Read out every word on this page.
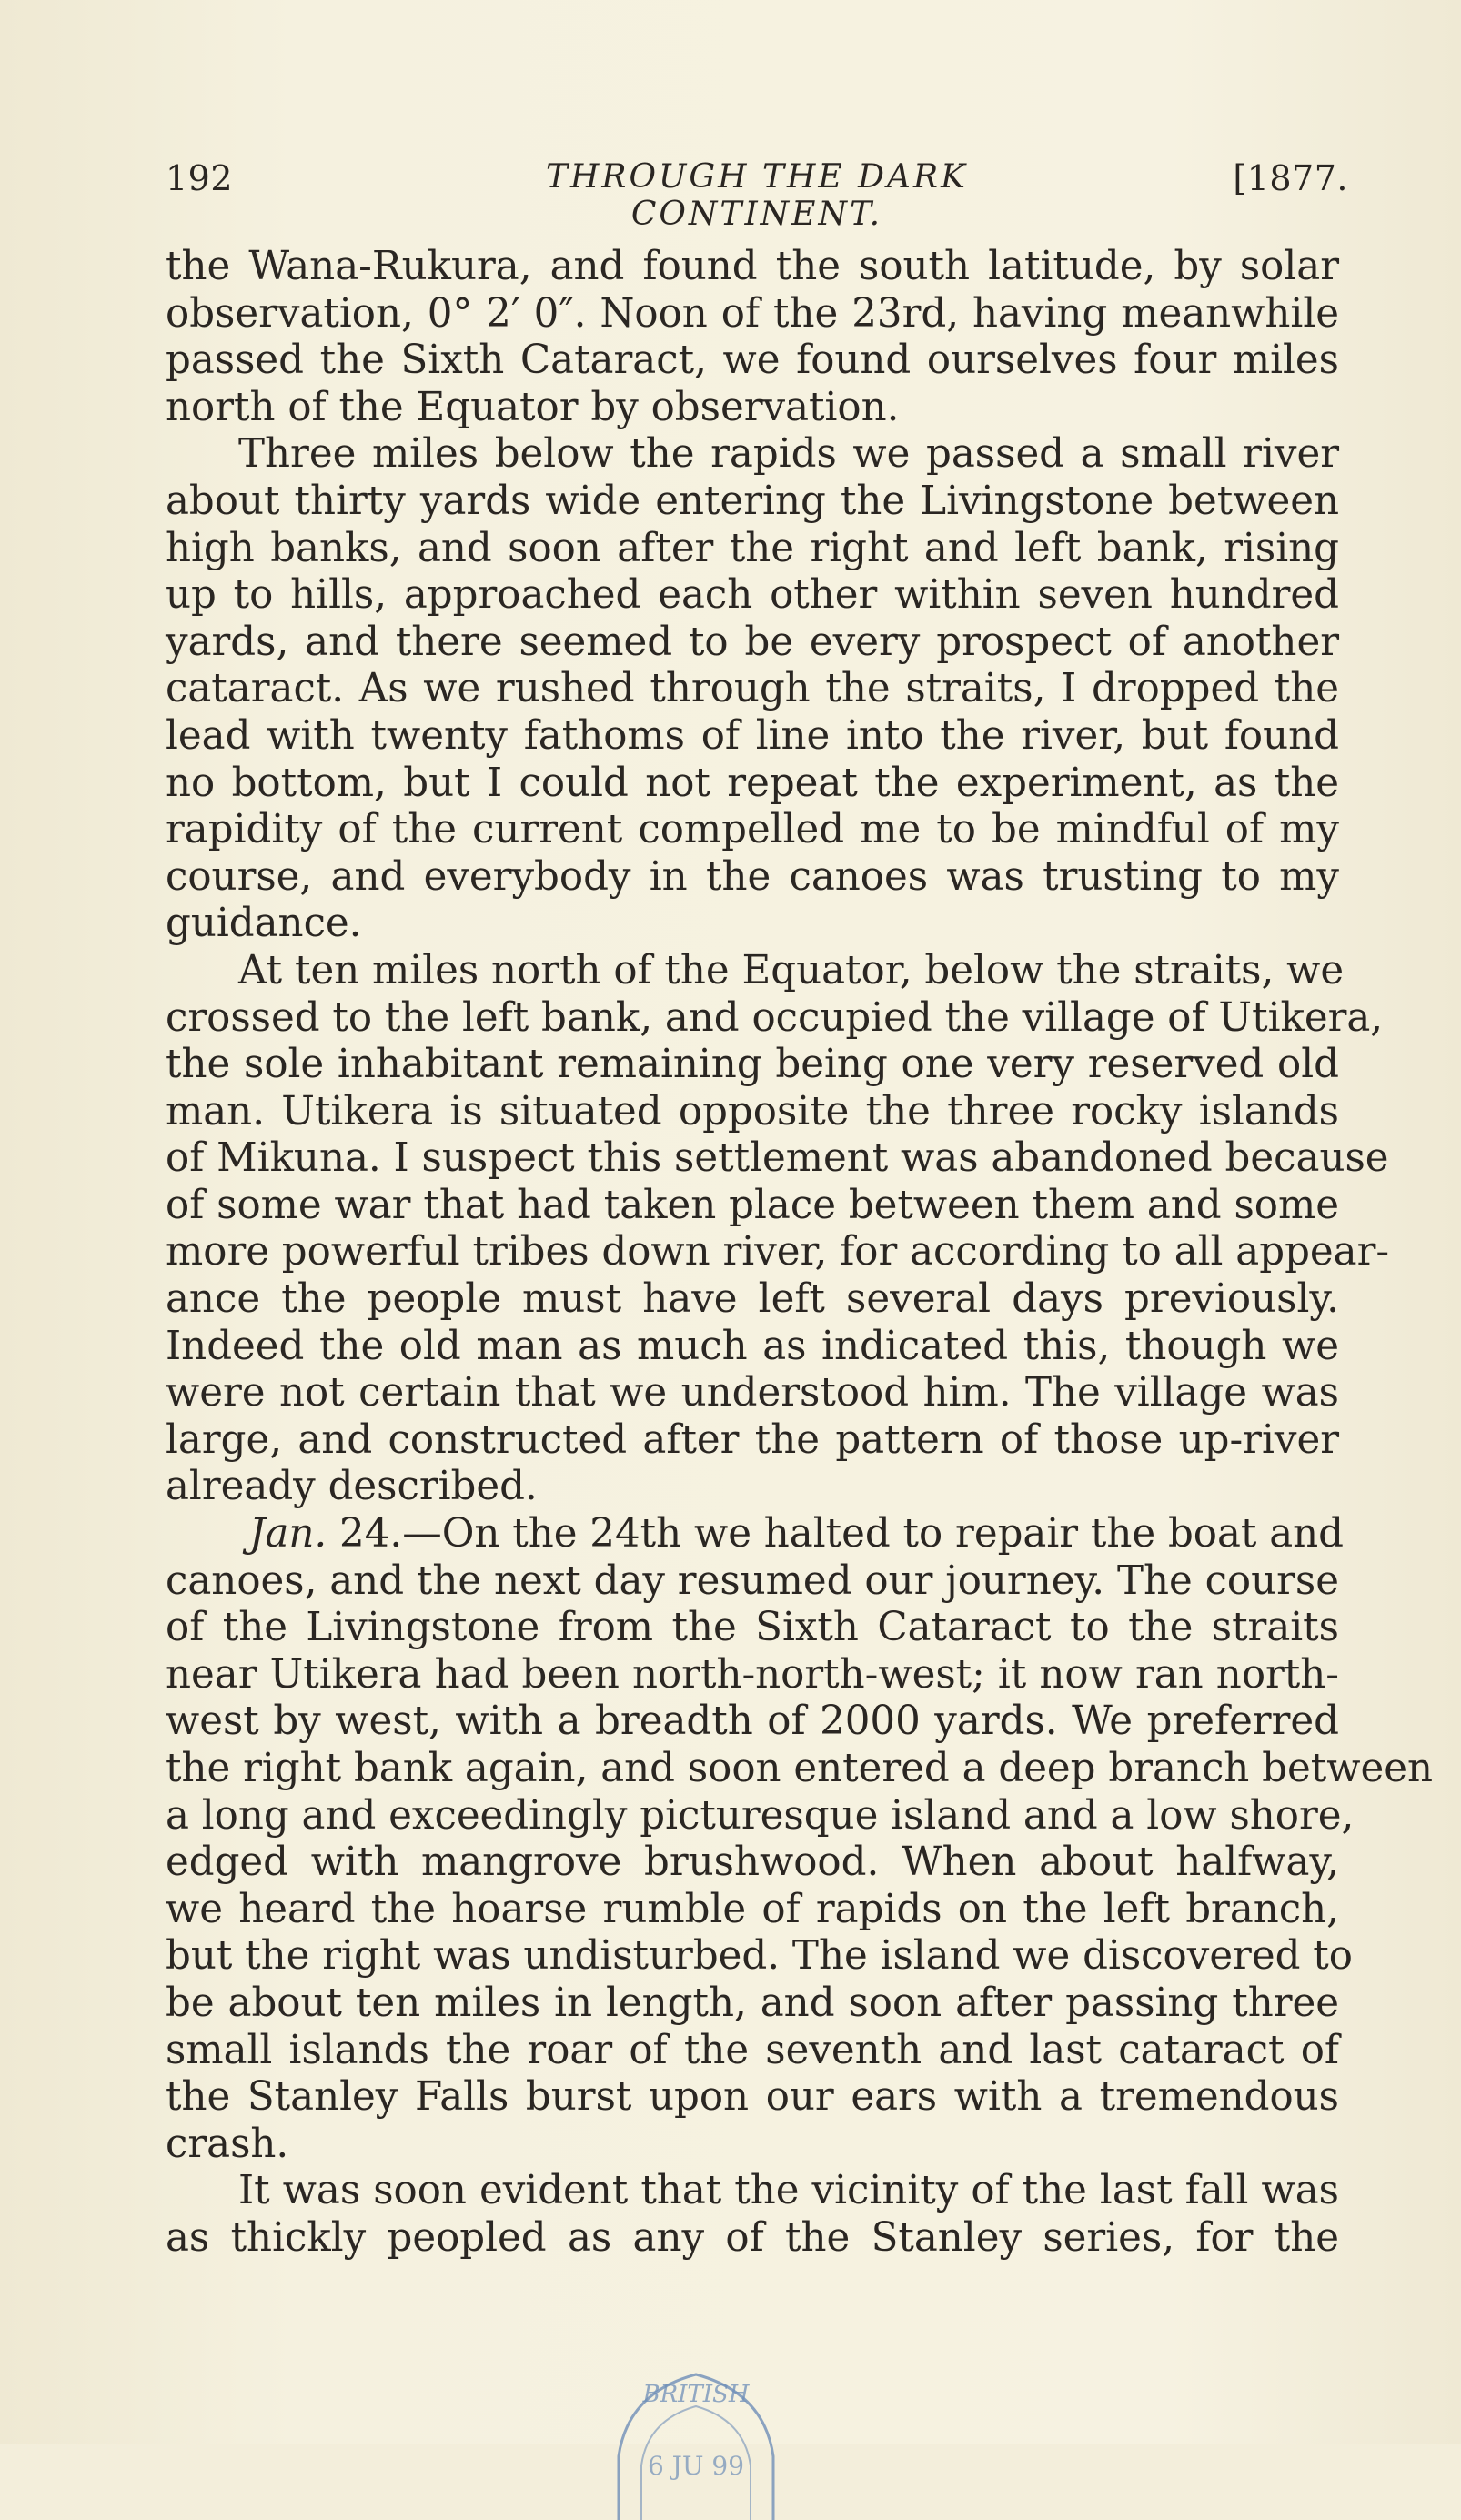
192	THROUGH THE DARK CONTINENT.
[1877.
the Wana-Rukura, and found the south latitude, by solar
observation, 0° 2′ 0″. Noon of the 23rd, having meanwhile
passed the Sixth Cataract, we found ourselves four miles
north of the Equator by observation.
Three miles below the rapids we passed a small river
about thirty yards wide entering the Livingstone between
high banks, and soon after the right and left bank, rising
up to hills, approached each other within seven hundred
yards, and there seemed to be every prospect of another
cataract. As we rushed through the straits, I dropped the
lead with twenty fathoms of line into the river, but found
no bottom, but I could not repeat the experiment, as the
rapidity of the current compelled me to be mindful of my
course, and everybody in the canoes was trusting to my
guidance.
At ten miles north of the Equator, below the straits, we
crossed to the left bank, and occupied the village of Utikera,
the sole inhabitant remaining being one very reserved old
man. Utikera is situated opposite the three rocky islands
of Mikuna. I suspect this settlement was abandoned because
of some war that had taken place between them and some
more powerful tribes down river, for according to all appear-
ance the people must have left several days previously.
Indeed the old man as much as indicated this, though we
were not certain that we understood him. The village was
large, and constructed after the pattern of those up-river
already described.
Jan. 24.—On the 24th we halted to repair the boat and
canoes, and the next day resumed our journey. The course
of the Livingstone from the Sixth Cataract to the straits
near Utikera had been north-north-west; it now ran north-
west by west, with a breadth of 2000 yards. We preferred
the right bank again, and soon entered a deep branch between
a long and exceedingly picturesque island and a low shore,
edged with mangrove brushwood. When about halfway,
we heard the hoarse rumble of rapids on the left branch,
but the right was undisturbed. The island we discovered to
be about ten miles in length, and soon after passing three
small islands the roar of the seventh and last cataract of
the Stanley Falls burst upon our ears with a tremendous
crash.
It was soon evident that the vicinity of the last fall was
as thickly peopled as any of the Stanley series, for the
BRITISH
6 JU 99
